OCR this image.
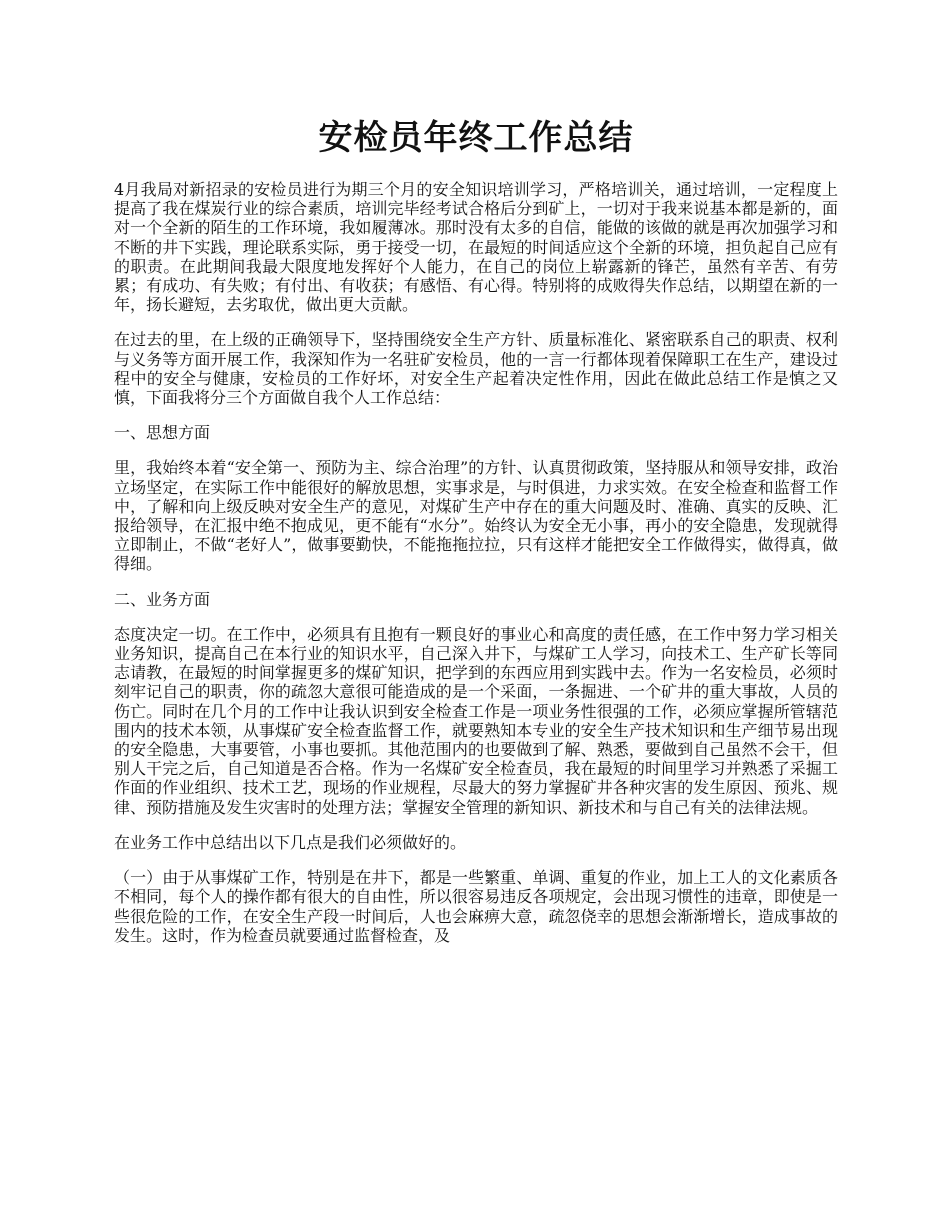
安检员年终工作总结

4月我局对新招录的安检员进行为期三个月的安全知识培训学习，严格培训关，通过培训，一定程度上提高了我在煤炭行业的综合素质，培训完毕经考试合格后分到矿上，一切对于我来说基本都是新的，面对一个全新的陌生的工作环境，我如履薄冰。那时没有太多的自信，能做的该做的就是再次加强学习和不断的井下实践，理论联系实际，勇于接受一切，在最短的时间适应这个全新的环境，担负起自己应有的职责。在此期间我最大限度地发挥好个人能力，在自己的岗位上崭露新的锋芒，虽然有辛苦、有劳累；有成功、有失败；有付出、有收获；有感悟、有心得。特别将的成败得失作总结，以期望在新的一年，扬长避短，去劣取优，做出更大贡献。

在过去的里，在上级的正确领导下，坚持围绕安全生产方针、质量标准化、紧密联系自己的职责、权利与义务等方面开展工作，我深知作为一名驻矿安检员，他的一言一行都体现着保障职工在生产，建设过程中的安全与健康，安检员的工作好坏，对安全生产起着决定性作用，因此在做此总结工作是慎之又慎，下面我将分三个方面做自我个人工作总结：

一、思想方面

里，我始终本着“安全第一、预防为主、综合治理”的方针、认真贯彻政策，坚持服从和领导安排，政治立场坚定，在实际工作中能很好的解放思想，实事求是，与时俱进，力求实效。在安全检查和监督工作中，了解和向上级反映对安全生产的意见，对煤矿生产中存在的重大问题及时、准确、真实的反映、汇报给领导，在汇报中绝不抱成见，更不能有“水分”。始终认为安全无小事，再小的安全隐患，发现就得立即制止，不做“老好人”，做事要勤快，不能拖拖拉拉，只有这样才能把安全工作做得实，做得真，做得细。

二、业务方面

态度决定一切。在工作中，必须具有且抱有一颗良好的事业心和高度的责任感，在工作中努力学习相关业务知识，提高自己在本行业的知识水平，自己深入井下，与煤矿工人学习，向技术工、生产矿长等同志请教，在最短的时间掌握更多的煤矿知识，把学到的东西应用到实践中去。作为一名安检员，必须时刻牢记自己的职责，你的疏忽大意很可能造成的是一个采面，一条掘进、一个矿井的重大事故，人员的伤亡。同时在几个月的工作中让我认识到安全检查工作是一项业务性很强的工作，必须应掌握所管辖范围内的技术本领，从事煤矿安全检查监督工作，就要熟知本专业的安全生产技术知识和生产细节易出现的安全隐患，大事要管，小事也要抓。其他范围内的也要做到了解、熟悉，要做到自己虽然不会干，但别人干完之后，自己知道是否合格。作为一名煤矿安全检查员，我在最短的时间里学习并熟悉了采掘工作面的作业组织、技术工艺，现场的作业规程，尽最大的努力掌握矿井各种灾害的发生原因、预兆、规律、预防措施及发生灾害时的处理方法；掌握安全管理的新知识、新技术和与自己有关的法律法规。

在业务工作中总结出以下几点是我们必须做好的。

（一）由于从事煤矿工作，特别是在井下，都是一些繁重、单调、重复的作业，加上工人的文化素质各不相同，每个人的操作都有很大的自由性，所以很容易违反各项规定，会出现习惯性的违章，即使是一些很危险的工作，在安全生产段一时间后，人也会麻痹大意，疏忽侥幸的思想会渐渐增长，造成事故的发生。这时，作为检查员就要通过监督检查，及
